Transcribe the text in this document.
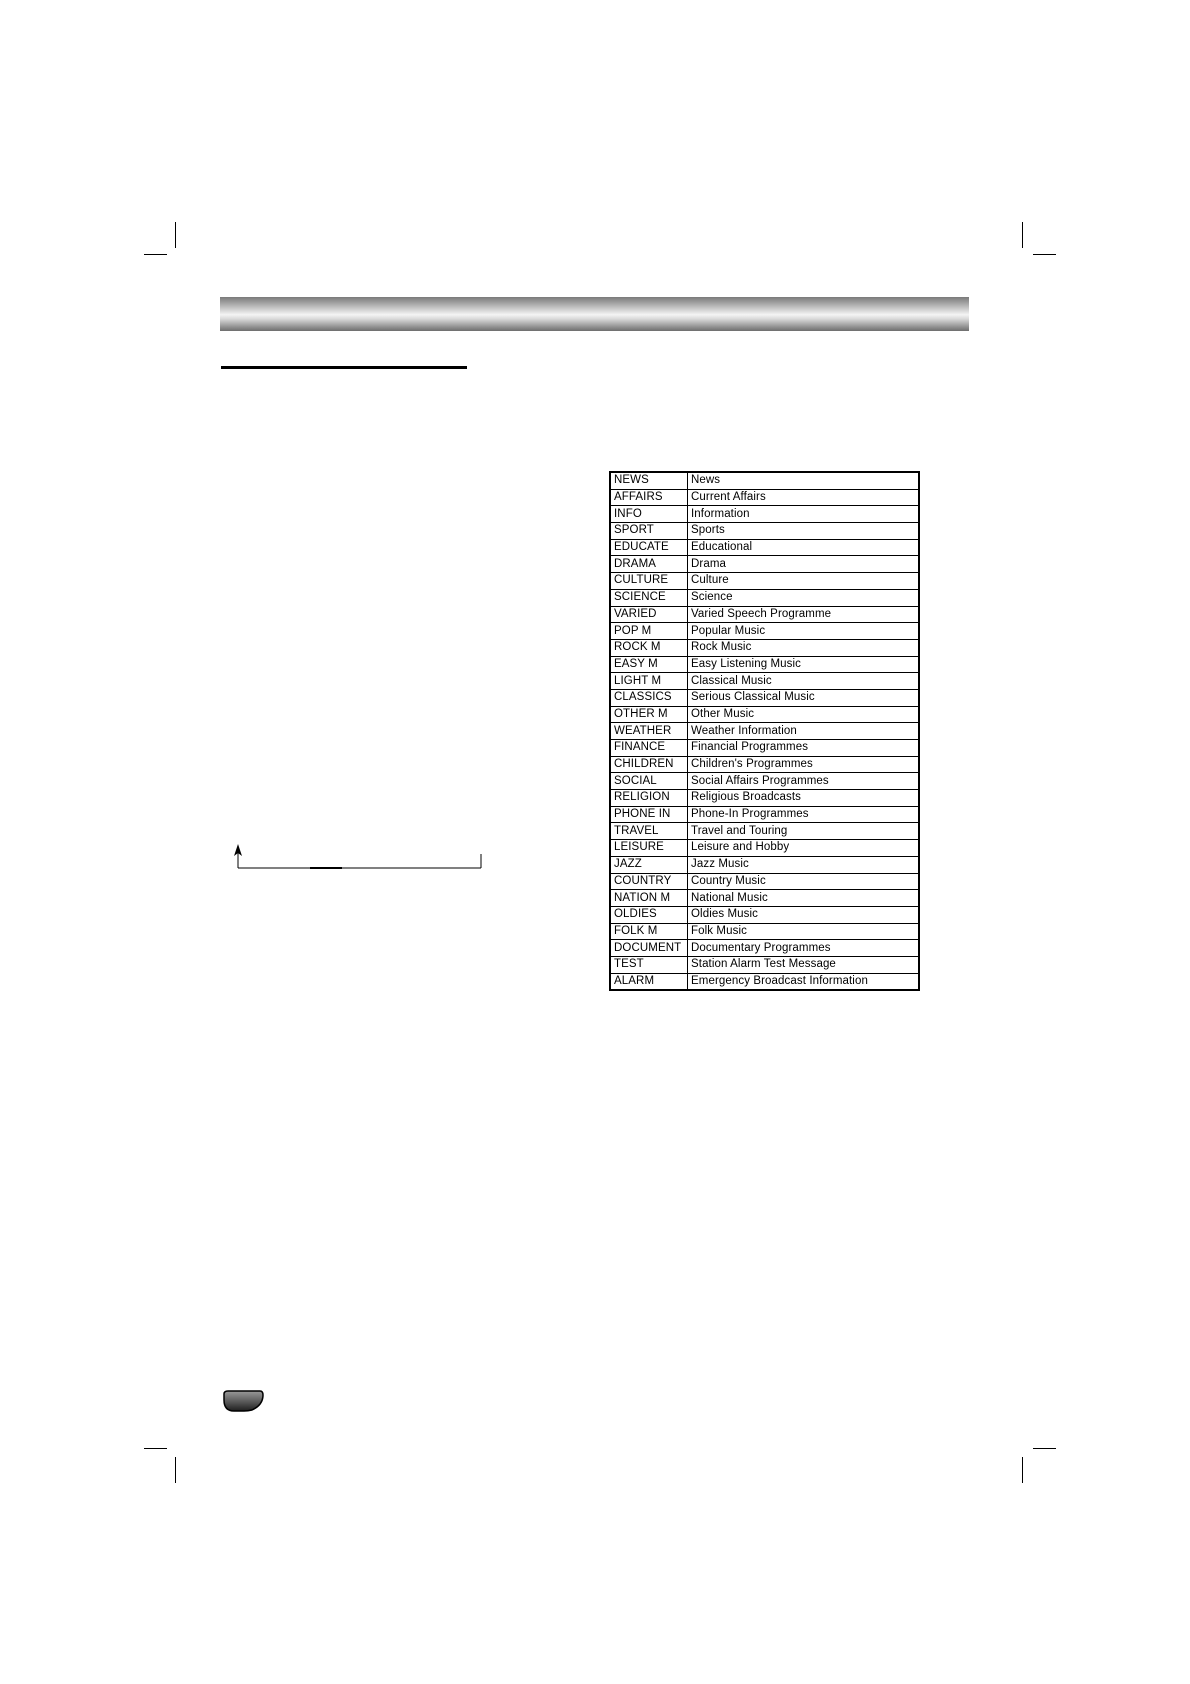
NEWS	News
AFFAIRS	Current Affairs
INFO	Information
SPORT	Sports
EDUCATE	Educational
DRAMA	Drama
CULTURE	Culture
SCIENCE	Science
VARIED	Varied Speech Programme
POP M	Popular Music
ROCK M	Rock Music
EASY M	Easy Listening Music
LIGHT M	Classical Music
CLASSICS	Serious Classical Music
OTHER M	Other Music
WEATHER	Weather Information
FINANCE	Financial Programmes
CHILDREN	Children's Programmes
SOCIAL	Social Affairs Programmes
RELIGION	Religious Broadcasts
PHONE IN	Phone-In Programmes
TRAVEL	Travel and Touring
LEISURE	Leisure and Hobby
JAZZ	Jazz Music
COUNTRY	Country Music
NATION M	National Music
OLDIES	Oldies Music
FOLK M	Folk Music
DOCUMENT	Documentary Programmes
TEST	Station Alarm Test Message
ALARM	Emergency Broadcast Information
